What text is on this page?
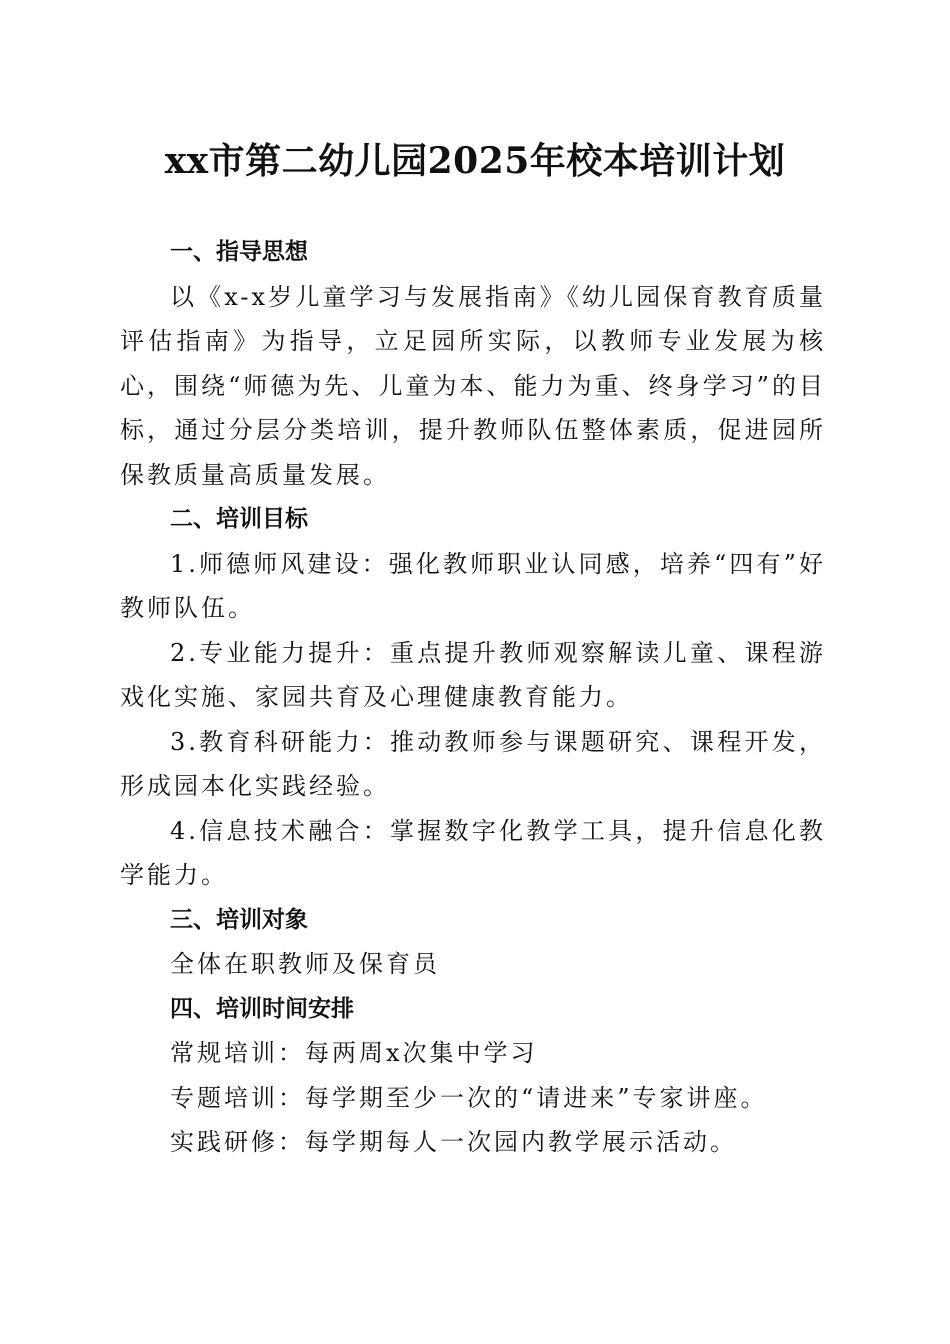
xx市第二幼儿园2025年校本培训计划

一、指导思想

以《x-x岁儿童学习与发展指南》《幼儿园保育教育质量评估指南》为指导，立足园所实际，以教师专业发展为核心，围绕“师德为先、儿童为本、能力为重、终身学习”的目标，通过分层分类培训，提升教师队伍整体素质，促进园所保教质量高质量发展。

二、培训目标

1.师德师风建设：强化教师职业认同感，培养“四有”好教师队伍。

2.专业能力提升：重点提升教师观察解读儿童、课程游戏化实施、家园共育及心理健康教育能力。

3.教育科研能力：推动教师参与课题研究、课程开发，形成园本化实践经验。

4.信息技术融合：掌握数字化教学工具，提升信息化教学能力。

三、培训对象

全体在职教师及保育员

四、培训时间安排

常规培训：每两周x次集中学习

专题培训：每学期至少一次的“请进来”专家讲座。

实践研修：每学期每人一次园内教学展示活动。
